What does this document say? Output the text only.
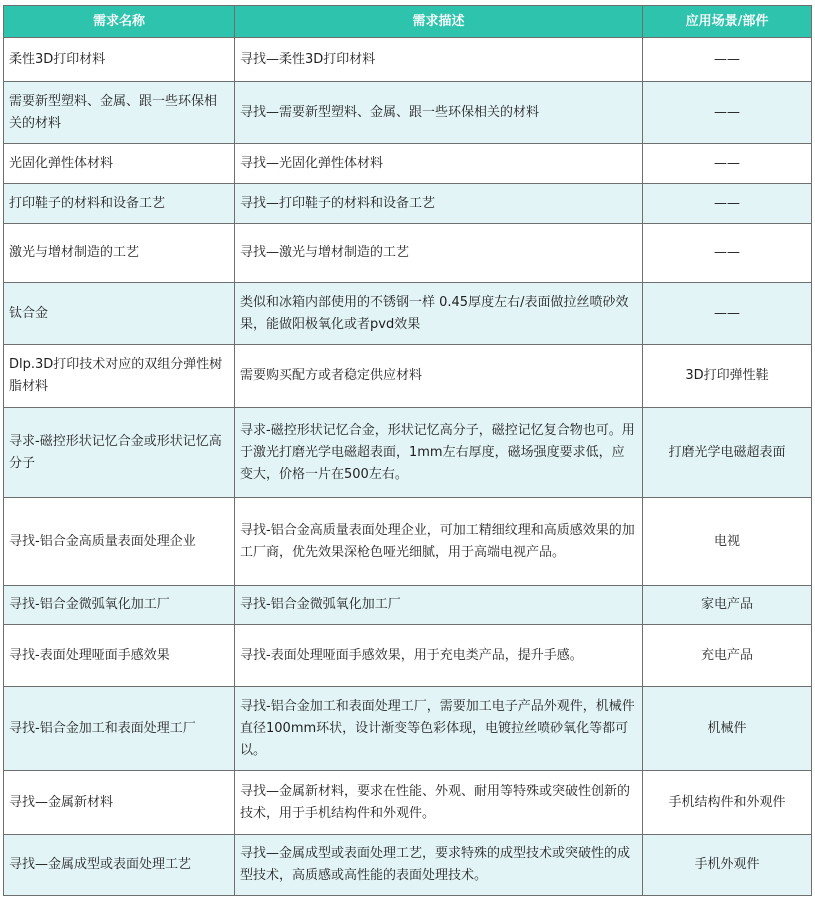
需求名称	需求描述	应用场景/部件
柔性3D打印材料	寻找—柔性3D打印材料	——
需要新型塑料、金属、跟一些环保相关的材料	寻找—需要新型塑料、金属、跟一些环保相关的材料	——
光固化弹性体材料	寻找—光固化弹性体材料	——
打印鞋子的材料和设备工艺	寻找—打印鞋子的材料和设备工艺	——
激光与增材制造的工艺	寻找—激光与增材制造的工艺	——
钛合金	类似和冰箱内部使用的不锈钢一样 0.45厚度左右/表面做拉丝喷砂效果，能做阳极氧化或者pvd效果	——
Dlp.3D打印技术对应的双组分弹性树脂材料	需要购买配方或者稳定供应材料	3D打印弹性鞋
寻求-磁控形状记忆合金或形状记忆高分子	寻求-磁控形状记忆合金，形状记忆高分子，磁控记忆复合物也可。用于激光打磨光学电磁超表面，1mm左右厚度，磁场强度要求低，应变大，价格一片在500左右。	打磨光学电磁超表面
寻找-铝合金高质量表面处理企业	寻找-铝合金高质量表面处理企业，可加工精细纹理和高质感效果的加工厂商，优先效果深枪色哑光细腻，用于高端电视产品。	电视
寻找-铝合金微弧氧化加工厂	寻找-铝合金微弧氧化加工厂	家电产品
寻找-表面处理哑面手感效果	寻找-表面处理哑面手感效果，用于充电类产品，提升手感。	充电产品
寻找-铝合金加工和表面处理工厂	寻找-铝合金加工和表面处理工厂，需要加工电子产品外观件，机械件直径100mm环状，设计渐变等色彩体现，电镀拉丝喷砂氧化等都可以。	机械件
寻找—金属新材料	寻找—金属新材料，要求在性能、外观、耐用等特殊或突破性创新的技术，用于手机结构件和外观件。	手机结构件和外观件
寻找—金属成型或表面处理工艺	寻找—金属成型或表面处理工艺，要求特殊的成型技术或突破性的成型技术，高质感或高性能的表面处理技术。	手机外观件
